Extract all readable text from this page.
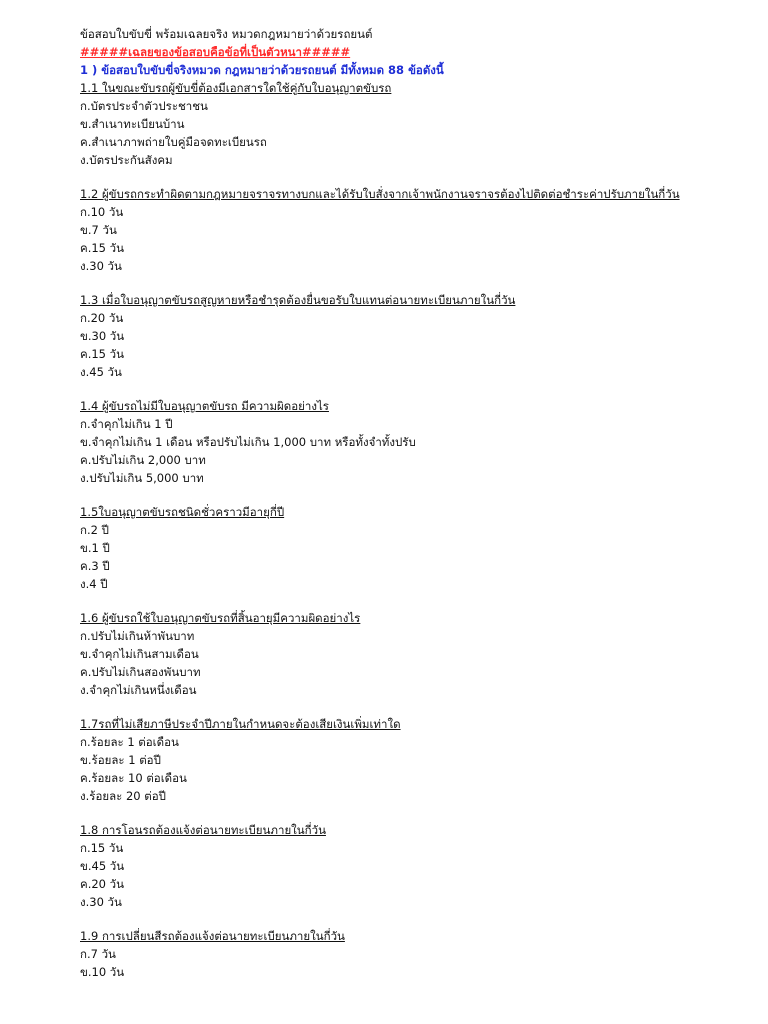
ข้อสอบใบขับขี่ พร้อมเฉลยจริง หมวดกฎหมายว่าด้วยรถยนต์
#####เฉลยของข้อสอบคือข้อที่เป็นตัวหนา#####
1 ) ข้อสอบใบขับขี่จริงหมวด กฎหมายว่าด้วยรถยนต์ มีทั้งหมด 88 ข้อดังนี้
1.1 ในขณะขับรถผู้ขับขี่ต้องมีเอกสารใดใช้คู่กับใบอนุญาตขับรถ
ก.บัตรประจำตัวประชาชน
ข.สำเนาทะเบียนบ้าน
ค.สำเนาภาพถ่ายใบคู่มือจดทะเบียนรถ
ง.บัตรประกันสังคม
1.2 ผู้ขับรถกระทำผิดตามกฎหมายจราจรทางบกและได้รับใบสั่งจากเจ้าพนักงานจราจรต้องไปติดต่อชำระค่าปรับภายในกี่วัน
ก.10 วัน
ข.7 วัน
ค.15 วัน
ง.30 วัน
1.3 เมื่อใบอนุญาตขับรถสูญหายหรือชำรุดต้องยื่นขอรับใบแทนต่อนายทะเบียนภายในกี่วัน
ก.20 วัน
ข.30 วัน
ค.15 วัน
ง.45 วัน
1.4 ผู้ขับรถไม่มีใบอนุญาตขับรถ มีความผิดอย่างไร
ก.จำคุกไม่เกิน 1 ปี
ข.จำคุกไม่เกิน 1 เดือน หรือปรับไม่เกิน 1,000 บาท หรือทั้งจำทั้งปรับ
ค.ปรับไม่เกิน 2,000 บาท
ง.ปรับไม่เกิน 5,000 บาท
1.5ใบอนุญาตขับรถชนิดชั่วคราวมีอายุกี่ปี
ก.2 ปี
ข.1 ปี
ค.3 ปี
ง.4 ปี
1.6 ผู้ขับรถใช้ใบอนุญาตขับรถที่สิ้นอายุมีความผิดอย่างไร
ก.ปรับไม่เกินห้าพันบาท
ข.จำคุกไม่เกินสามเดือน
ค.ปรับไม่เกินสองพันบาท
ง.จำคุกไม่เกินหนึ่งเดือน
1.7รถที่ไม่เสียภาษีประจำปีภายในกำหนดจะต้องเสียเงินเพิ่มเท่าใด
ก.ร้อยละ 1 ต่อเดือน
ข.ร้อยละ 1 ต่อปี
ค.ร้อยละ 10 ต่อเดือน
ง.ร้อยละ 20 ต่อปี
1.8 การโอนรถต้องแจ้งต่อนายทะเบียนภายในกี่วัน
ก.15 วัน
ข.45 วัน
ค.20 วัน
ง.30 วัน
1.9 การเปลี่ยนสีรถต้องแจ้งต่อนายทะเบียนภายในกี่วัน
ก.7 วัน
ข.10 วัน
